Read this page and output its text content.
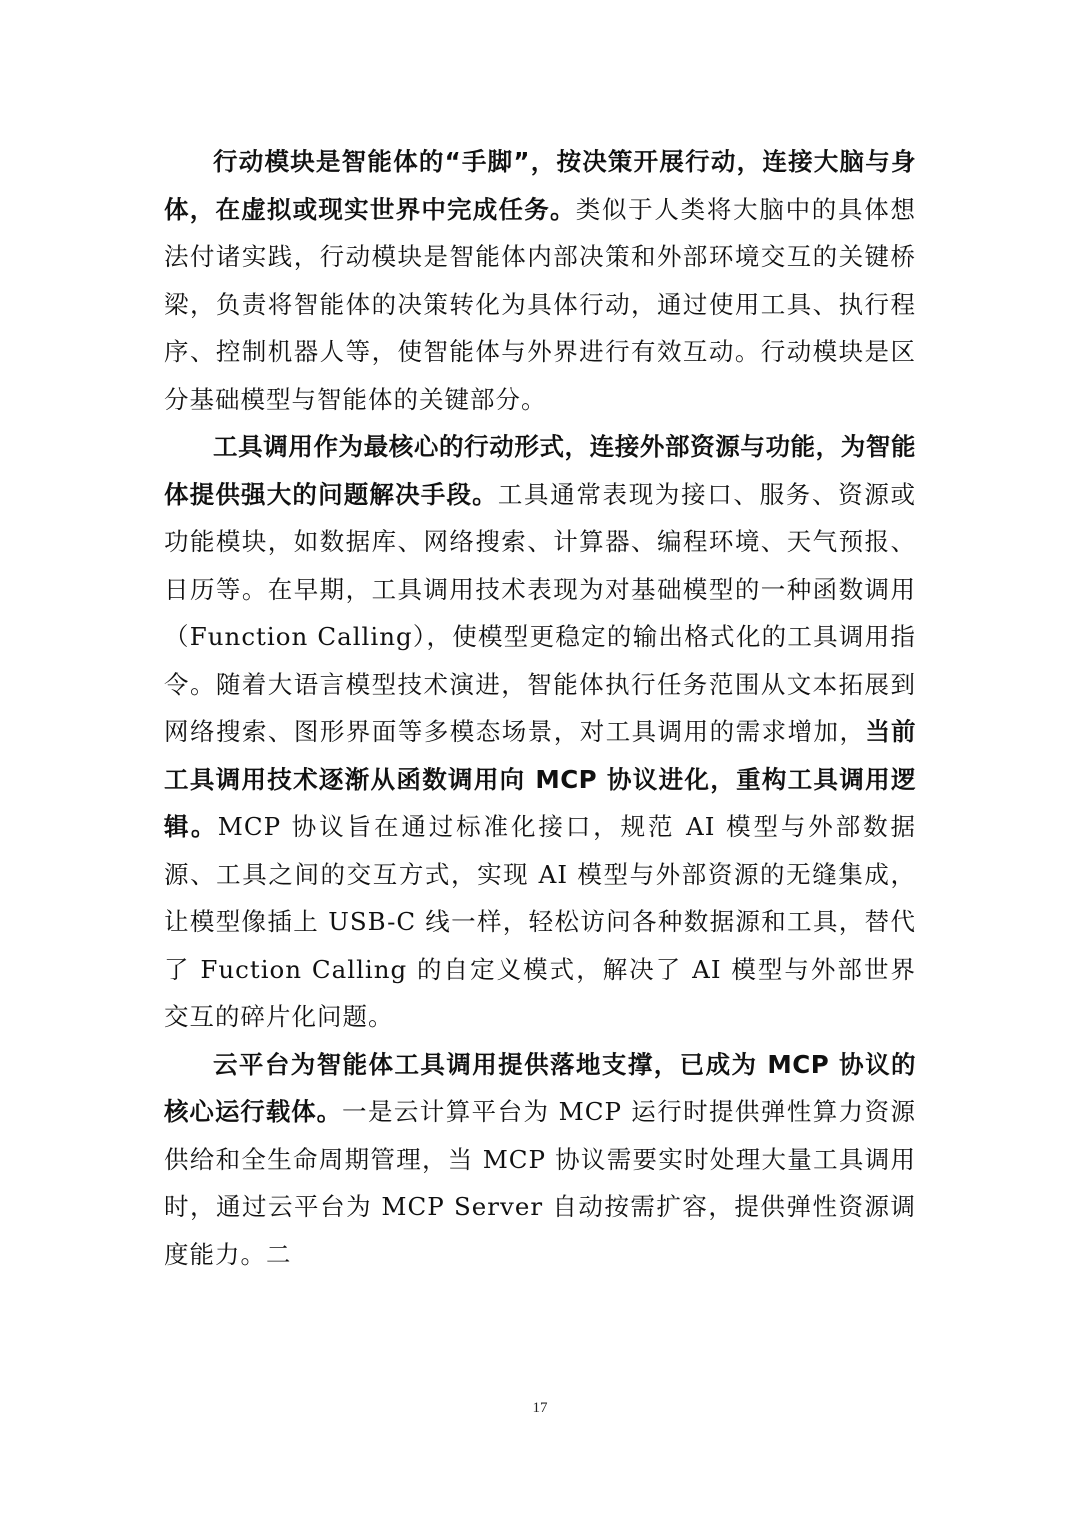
行动模块是智能体的“手脚”，按决策开展行动，连接大脑与身体，在虚拟或现实世界中完成任务。类似于人类将大脑中的具体想法付诸实践，行动模块是智能体内部决策和外部环境交互的关键桥梁，负责将智能体的决策转化为具体行动，通过使用工具、执行程序、控制机器人等，使智能体与外界进行有效互动。行动模块是区分基础模型与智能体的关键部分。

工具调用作为最核心的行动形式，连接外部资源与功能，为智能体提供强大的问题解决手段。工具通常表现为接口、服务、资源或功能模块，如数据库、网络搜索、计算器、编程环境、天气预报、日历等。在早期，工具调用技术表现为对基础模型的一种函数调用（Function Calling），使模型更稳定的输出格式化的工具调用指令。随着大语言模型技术演进，智能体执行任务范围从文本拓展到网络搜索、图形界面等多模态场景，对工具调用的需求增加，当前工具调用技术逐渐从函数调用向 MCP 协议进化，重构工具调用逻辑。MCP 协议旨在通过标准化接口，规范 AI 模型与外部数据源、工具之间的交互方式，实现 AI 模型与外部资源的无缝集成，让模型像插上 USB-C 线一样，轻松访问各种数据源和工具，替代了 Fuction Calling 的自定义模式，解决了 AI 模型与外部世界交互的碎片化问题。

云平台为智能体工具调用提供落地支撑，已成为 MCP 协议的核心运行载体。一是云计算平台为 MCP 运行时提供弹性算力资源供给和全生命周期管理，当 MCP 协议需要实时处理大量工具调用时，通过云平台为 MCP Server 自动按需扩容，提供弹性资源调度能力。二

17
